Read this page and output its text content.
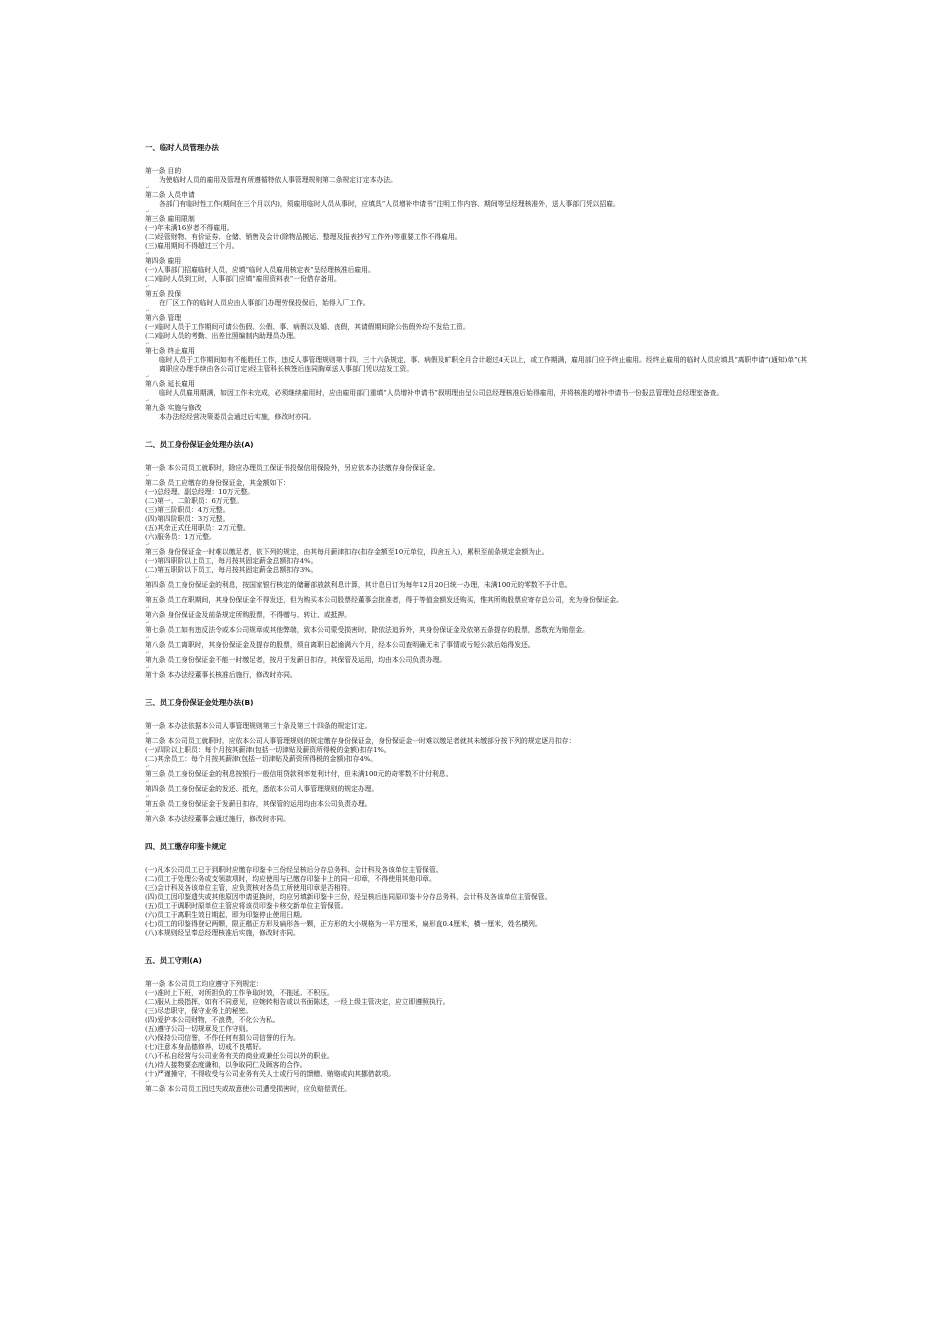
一、临时人员管理办法
第一条 目的
为使临时人员的雇用及管理有所遵循特依人事管理规则第二条规定订定本办法。
↵
第二条 人员申请
各部门有临时性工作(期间在三个月以内)，须雇用临时人员从事时，应填具“人员增补申请书”注明工作内容、期间等呈经理核准外，送人事部门凭以招雇。
↵
第三条 雇用限制
(一)年未满16岁者不得雇用。
(二)经管财物、有价证券、仓储、销售及会计(除物品搬运、整理及报表抄写工作外)等重要工作不得雇用。
(三)雇用期间不得超过三个月。
↵
第四条 雇用
(一)人事部门招雇临时人员，应填“临时人员雇用核定表”呈经理核准后雇用。
(二)临时人员到工时，人事部门应填“雇用资料表”一份借存备用。
↵
第五条 投保
在厂区工作的临时人员应由人事部门办理劳保投保后，始得入厂工作。
↵
第六条 管理
(一)临时人员于工作期间可请公伤假、公假、事、病假以及婚、丧假，其请假期间除公伤假外均不发给工资。
(二)临时人员的考勤、出差比照编制内助理员办理。
↵
第七条 终止雇用
临时人员于工作期间如有不能胜任工作，违反人事管理规则第十四、三十六条规定，事、病假及旷职全月合计超过4天以上，或工作期满，雇用部门应予终止雇用。经终止雇用的临时人员应填具“离职申请”(通知)单”(其离职应办理手续由各公司订定)经主管科长核签后连同胸章送人事部门凭以结发工资。
↵
第八条 延长雇用
临时人员雇用期满，如因工作未完成，必须继续雇用时，应由雇用部门重填“人员增补申请书”叙明理由呈公司总经理核准后始得雇用，并将核准的增补申请书一份报总管理处总经理室备查。
↵
第九条 实施与修改
本办法经经营决策委员会通过后实施，修改时亦同。
二、员工身份保证金处理办法(A)
第一条 本公司员工就职时，除应办理员工保证书投保信用保险外，另应依本办法缴存身份保证金。
↵
第二条 员工应缴存的身份保证金，其金额如下：
(一)总经理、副总经理：10万元整。
(二)第一、二阶职员：6万元整。
(三)第三阶职员：4万元整。
(四)第四阶职员：3万元整。
(五)其余正式任用职员：2万元整。
(六)服务员：1万元整。
↵
第三条 身份保证金一时难以缴足者，依下列的规定，由其每月薪津扣存(扣存金额至10元单位，四舍五入)，累积至前条规定金额为止。
(一)第四职阶以上员工，每月按其固定薪金总额扣存4%。
(二)第五职阶以下员工，每月按其固定薪金总额扣存3%。
↵
第四条 员工身份保证金的利息，按国家银行核定的储蓄部放款利息计算，其计息日订为每年12月20日统一办理，未满100元的零数不予计息。
↵
第五条 员工在职期间，其身份保证金不得发还，但为购买本公司股票经董事会批准者，得于等值金额发还购买，惟其所购股票应寄存总公司，充为身份保证金。
↵
第六条 身份保证金及前条规定所购股票，不得赠与、转让、或抵押。
↵
第七条 员工如有违反法令或本公司规章或其他弊端，致本公司蒙受损害时，除依法追诉外，其身份保证金及依第五条提存的股票，悉数充为赔偿金。
↵
第八条 员工离职时，其身份保证金及提存的股票，须自离职日起逾满六个月，经本公司查明确无未了事情或亏短公款后始得发还。
↵
第九条 员工身份保证金不能一时缴足者，按月于发薪日扣存，其保管及运用，均由本公司负责办理。
↵
第十条 本办法经董事长核准后施行，修改时亦同。
三、员工身份保证金处理办法(B)
第一条 本办法依据本公司人事管理规则第三十条及第三十四条的规定订定。
↵
第二条 本公司员工就职时，应依本公司人事管理规则的规定缴存身份保证金，身份保证金一时难以缴足者就其未缴部分按下列的规定逐月扣存：
(一)四阶以上职员：每个月按其薪津(包括一切津贴及薪资所得税的金额)扣存1%。
(二)其余员工：每个月按其薪津(包括一切津贴及薪资所得税的金额)扣存4%。
↵
第三条 员工身份保证金的利息按银行一般信用贷款利率复利计付，但未满100元的奇零数不计付利息。
↵
第四条 员工身份保证金的发还、抵充，悉依本公司人事管理规则的规定办理。
↵
第五条 员工身份保证金于发薪日扣存，其保管的运用均由本公司负责办理。
↵
第六条 本办法经董事会通过施行，修改时亦同。
四、员工缴存印鉴卡规定
(一)凡本公司员工已于到职时应缴存印鉴卡三份经呈核后分存总务科、会计科及各该单位主管保管。
(二)员工于处理公务或支领款项时，均应使用与已缴存印鉴卡上的同一印章，不得使用其他印章。
(三)会计科及各该单位主管，应负责核对各员工所使用印章是否相符。
(四)员工因印鉴遗失或其他原因申请更换时，均应另填新印鉴卡三份，经呈核后连同原印鉴卡分存总务科、会计科及各该单位主管保管。
(五)员工于调职时原单位主管应将该员印鉴卡移交新单位主管保管。
(六)员工于离职生效日期起，即为印鉴停止使用日期。
(七)员工的印鉴得登记两颗，限正楷正方形及扁形各一颗，正方形的大小规格为一平方厘米，扁形直0.4厘米，横一厘米，姓名横列。
(八)本规则经呈奉总经理核准后实施，修改时亦同。
五、员工守则(A)
第一条 本公司员工均应遵守下列规定：
(一)准时上下班，对所担负的工作争取时效，不拖延、不积压。
(二)服从上级指挥，如有不同意见，应婉转相告或以书面陈述，一经上级主管决定，应立即遵照执行。
(三)尽忠职守，保守业务上的秘密。
(四)爱护本公司财物，不浪费，不化公为私。
(五)遵守公司一切规章及工作守则。
(六)保持公司信誉，不作任何有损公司信誉的行为。
(七)注意本身品德修养，切戒不良嗜好。
(八)不私自经营与公司业务有关的商业或兼任公司以外的职业。
(九)待人接物要态度谦和，以争取同仁及顾客的合作。
(十)严谨操守，不得收受与公司业务有关人士或行号的馈赠、贿赂或向其挪借款项。
↵
第二条 本公司员工因过失或故意使公司遭受损害时，应负赔偿责任。
